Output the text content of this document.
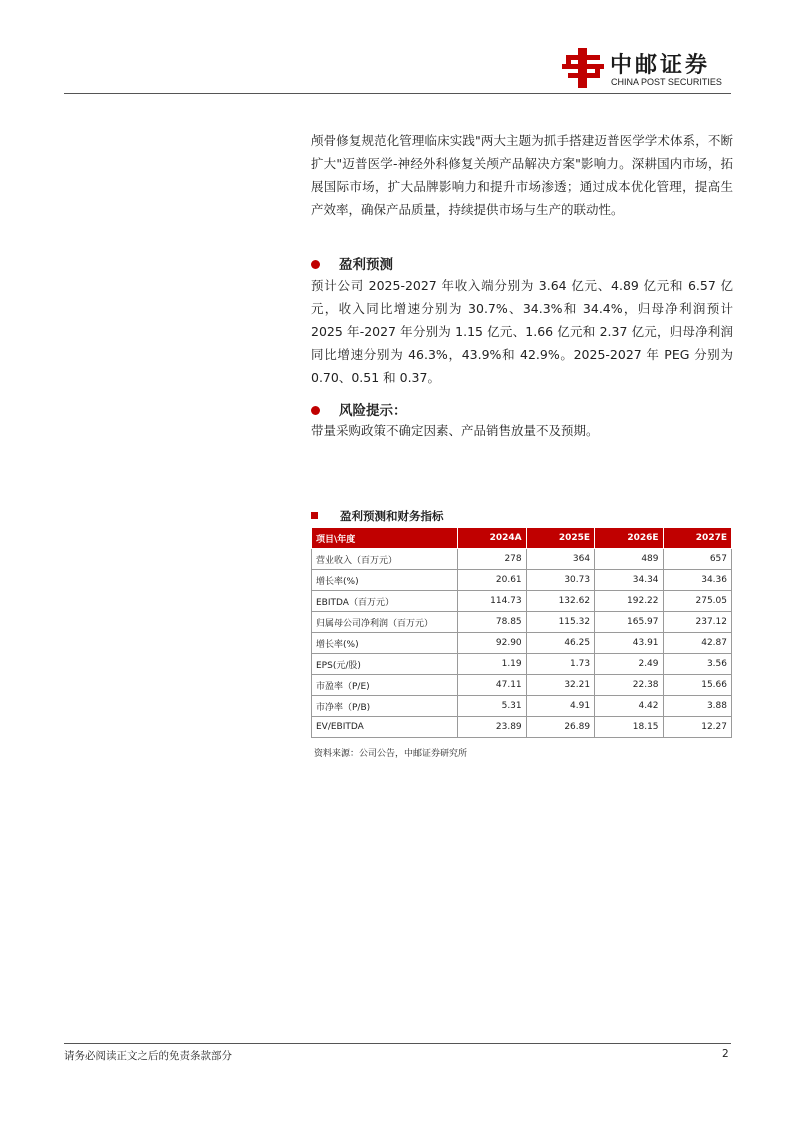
中邮证券
CHINA POST SECURITIES
颅骨修复规范化管理临床实践"两大主题为抓手搭建迈普医学学术体系，不断扩大"迈普医学-神经外科修复关颅产品解决方案"影响力。深耕国内市场，拓展国际市场，扩大品牌影响力和提升市场渗透；通过成本优化管理，提高生产效率，确保产品质量，持续提供市场与生产的联动性。
盈利预测
预计公司 2025-2027 年收入端分别为 3.64 亿元、4.89 亿元和 6.57 亿元，收入同比增速分别为 30.7%、34.3%和 34.4%，归母净利润预计 2025 年-2027 年分别为 1.15 亿元、1.66 亿元和 2.37 亿元，归母净利润同比增速分别为 46.3%，43.9%和 42.9%。2025-2027 年 PEG 分别为 0.70、0.51 和 0.37。
风险提示：
带量采购政策不确定因素、产品销售放量不及预期。
盈利预测和财务指标
项目\年度	2024A	2025E	2026E	2027E
营业收入（百万元）	278	364	489	657
增长率(%)	20.61	30.73	34.34	34.36
EBITDA（百万元）	114.73	132.62	192.22	275.05
归属母公司净利润（百万元）	78.85	115.32	165.97	237.12
增长率(%)	92.90	46.25	43.91	42.87
EPS(元/股)	1.19	1.73	2.49	3.56
市盈率（P/E)	47.11	32.21	22.38	15.66
市净率（P/B)	5.31	4.91	4.42	3.88
EV/EBITDA	23.89	26.89	18.15	12.27
资料来源：公司公告，中邮证券研究所
请务必阅读正文之后的免责条款部分	2
